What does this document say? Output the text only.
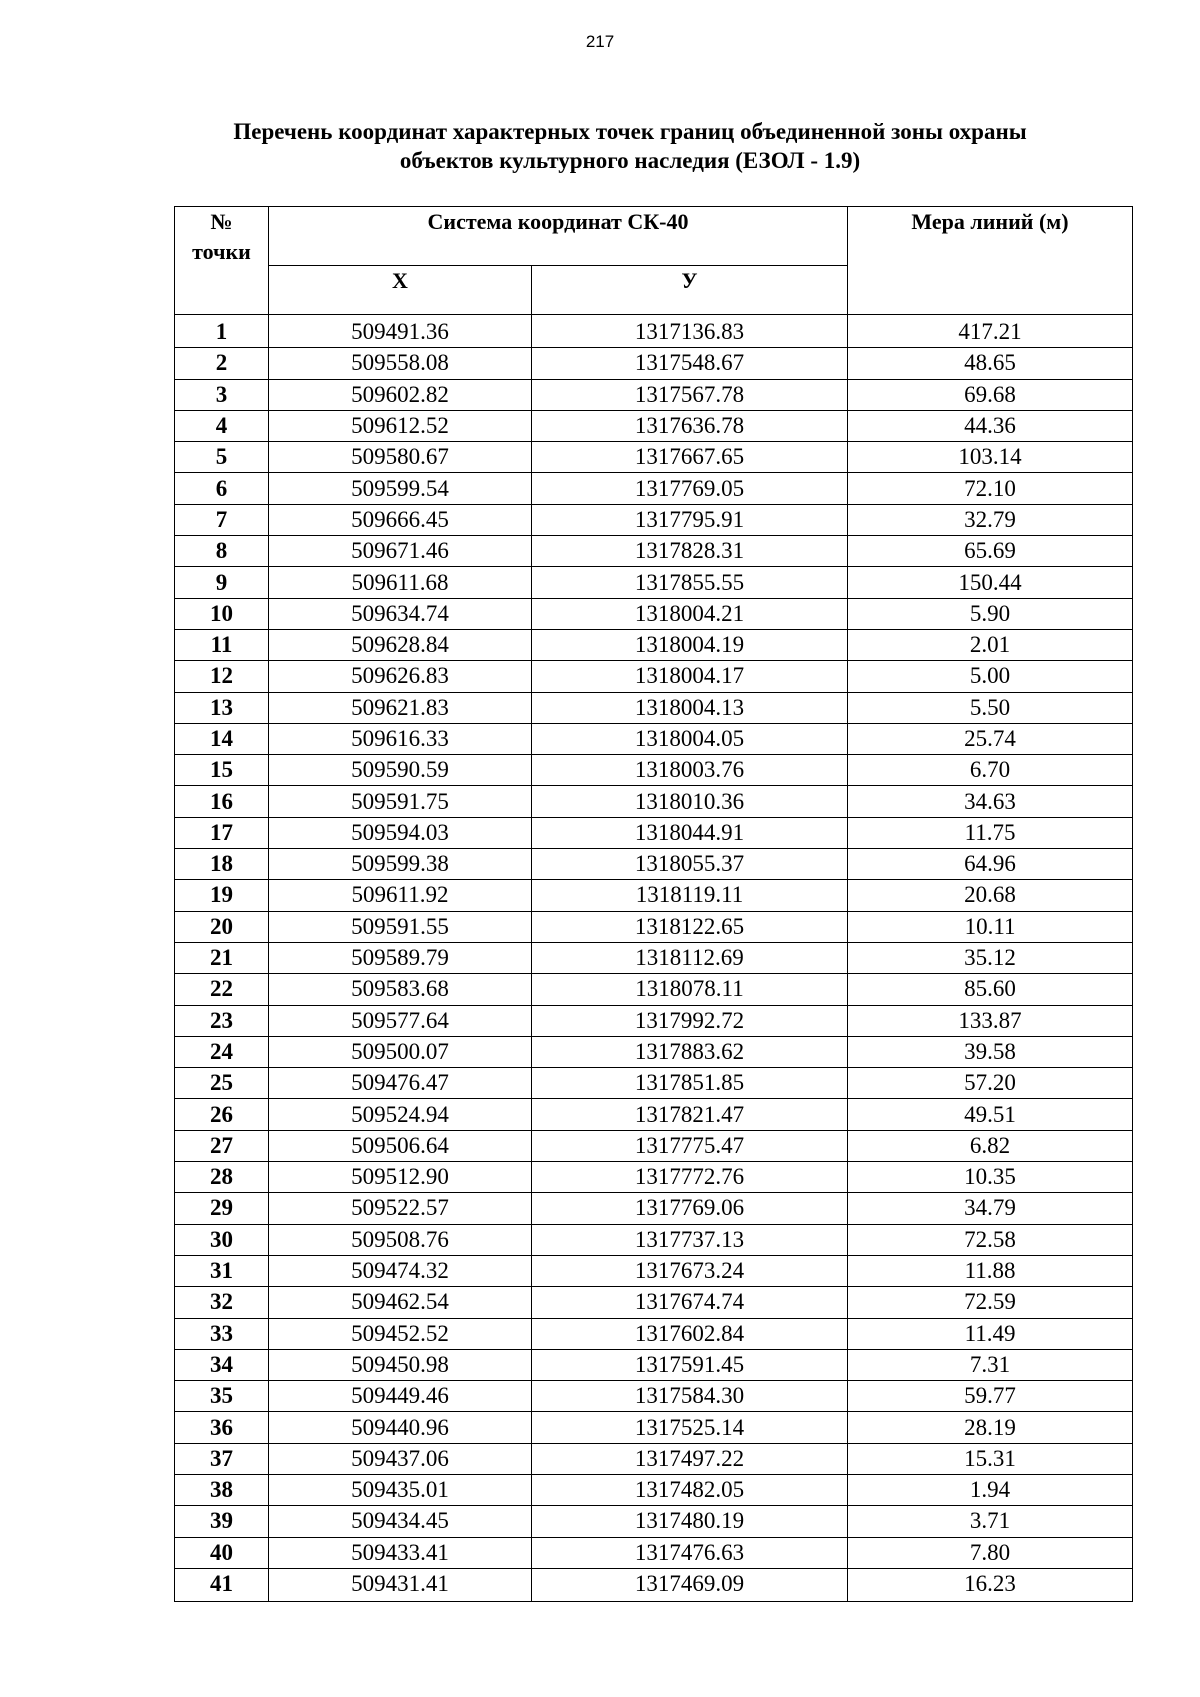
217
Перечень координат характерных точек границ объединенной зоны охраны
объектов культурного наследия (ЕЗОЛ - 1.9)
№
точки	Система координат СК-40		Мера линий (м)
	X	У	
1	509491.36	1317136.83	417.21
2	509558.08	1317548.67	48.65
3	509602.82	1317567.78	69.68
4	509612.52	1317636.78	44.36
5	509580.67	1317667.65	103.14
6	509599.54	1317769.05	72.10
7	509666.45	1317795.91	32.79
8	509671.46	1317828.31	65.69
9	509611.68	1317855.55	150.44
10	509634.74	1318004.21	5.90
11	509628.84	1318004.19	2.01
12	509626.83	1318004.17	5.00
13	509621.83	1318004.13	5.50
14	509616.33	1318004.05	25.74
15	509590.59	1318003.76	6.70
16	509591.75	1318010.36	34.63
17	509594.03	1318044.91	11.75
18	509599.38	1318055.37	64.96
19	509611.92	1318119.11	20.68
20	509591.55	1318122.65	10.11
21	509589.79	1318112.69	35.12
22	509583.68	1318078.11	85.60
23	509577.64	1317992.72	133.87
24	509500.07	1317883.62	39.58
25	509476.47	1317851.85	57.20
26	509524.94	1317821.47	49.51
27	509506.64	1317775.47	6.82
28	509512.90	1317772.76	10.35
29	509522.57	1317769.06	34.79
30	509508.76	1317737.13	72.58
31	509474.32	1317673.24	11.88
32	509462.54	1317674.74	72.59
33	509452.52	1317602.84	11.49
34	509450.98	1317591.45	7.31
35	509449.46	1317584.30	59.77
36	509440.96	1317525.14	28.19
37	509437.06	1317497.22	15.31
38	509435.01	1317482.05	1.94
39	509434.45	1317480.19	3.71
40	509433.41	1317476.63	7.80
41	509431.41	1317469.09	16.23
